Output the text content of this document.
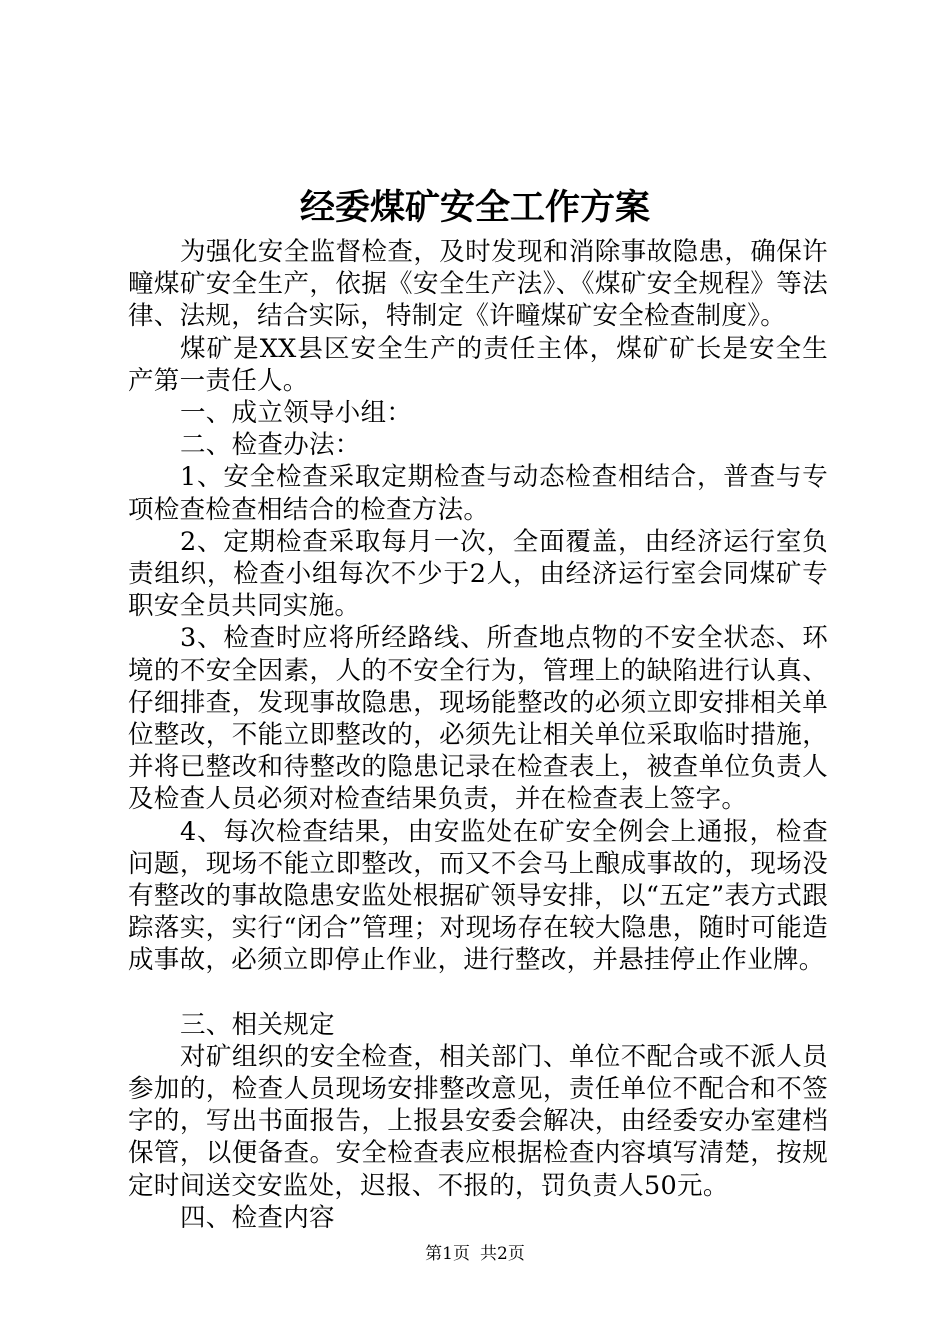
经委煤矿安全工作方案

为强化安全监督检查，及时发现和消除事故隐患，确保许疃煤矿安全生产，依据《安全生产法》、《煤矿安全规程》等法律、法规，结合实际，特制定《许疃煤矿安全检查制度》。

煤矿是XX县区安全生产的责任主体，煤矿矿长是安全生产第一责任人。

一、成立领导小组：

二、检查办法：

1、安全检查采取定期检查与动态检查相结合，普查与专项检查检查相结合的检查方法。

2、定期检查采取每月一次，全面覆盖，由经济运行室负责组织，检查小组每次不少于2人，由经济运行室会同煤矿专职安全员共同实施。

3、检查时应将所经路线、所查地点物的不安全状态、环境的不安全因素，人的不安全行为，管理上的缺陷进行认真、仔细排查，发现事故隐患，现场能整改的必须立即安排相关单位整改，不能立即整改的，必须先让相关单位采取临时措施，并将已整改和待整改的隐患记录在检查表上，被查单位负责人及检查人员必须对检查结果负责，并在检查表上签字。

4、每次检查结果，由安监处在矿安全例会上通报，检查问题，现场不能立即整改，而又不会马上酿成事故的，现场没有整改的事故隐患安监处根据矿领导安排，以“五定”表方式跟踪落实，实行“闭合”管理；对现场存在较大隐患，随时可能造成事故，必须立即停止作业，进行整改，并悬挂停止作业牌。

三、相关规定

对矿组织的安全检查，相关部门、单位不配合或不派人员参加的，检查人员现场安排整改意见，责任单位不配合和不签字的，写出书面报告，上报县安委会解决，由经委安办室建档保管，以便备查。安全检查表应根据检查内容填写清楚，按规定时间送交安监处，迟报、不报的，罚负责人50元。

四、检查内容

第1页 共2页
